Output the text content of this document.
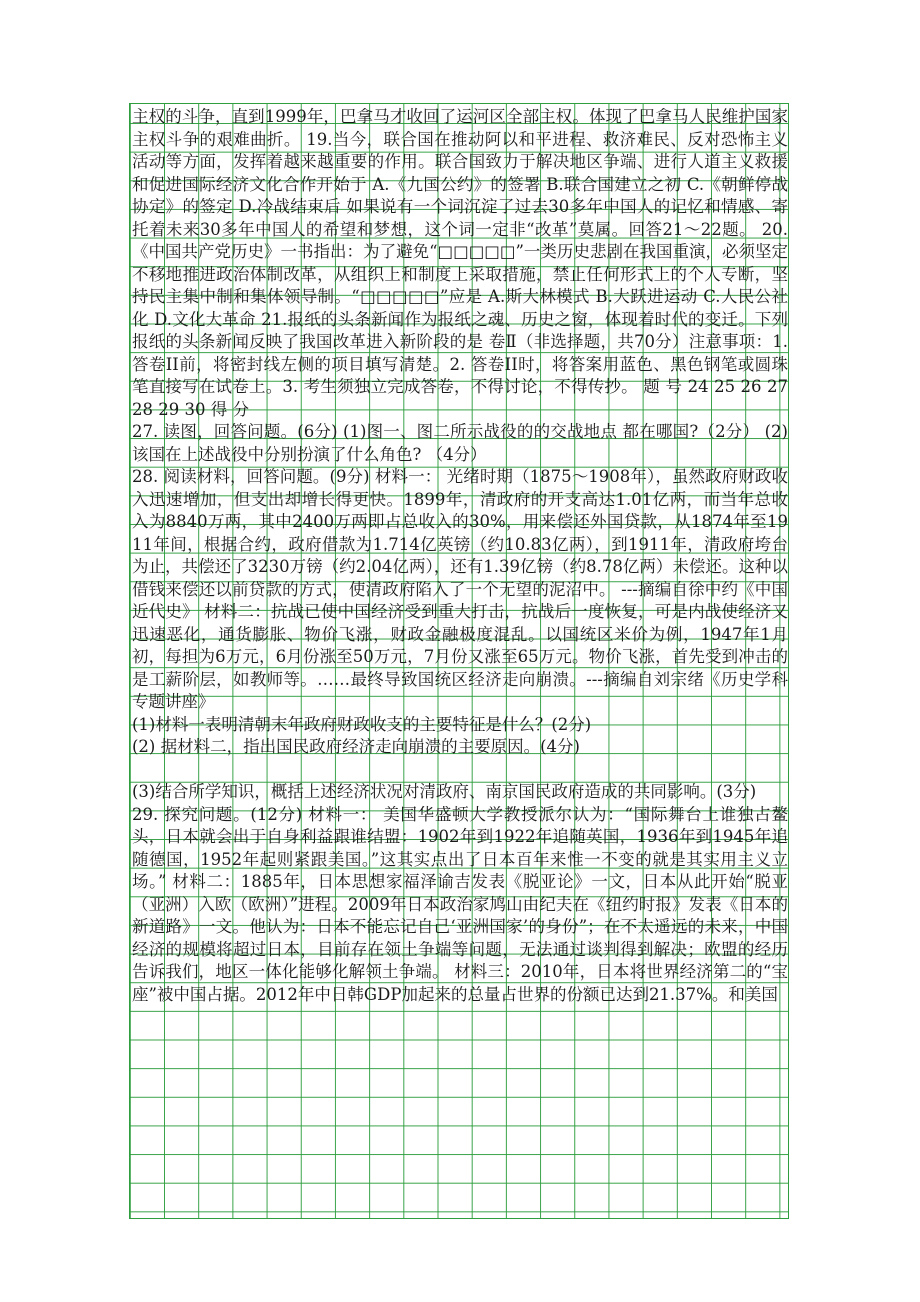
主权的斗争，直到1999年，巴拿马才收回了运河区全部主权。体现了巴拿马人民维护国家主权斗争的艰难曲折。 19.当今，联合国在推动阿以和平进程、救济难民、反对恐怖主义活动等方面，发挥着越来越重要的作用。联合国致力于解决地区争端、进行人道主义救援和促进国际经济文化合作开始于 A.《九国公约》的签署 B.联合国建立之初 C.《朝鲜停战协定》的签定 D.冷战结束后 如果说有一个词沉淀了过去30多年中国人的记忆和情感、寄托着未来30多年中国人的希望和梦想，这个词一定非“改革”莫属。回答21～22题。 20.《中国共产党历史》一书指出：为了避免“□□□□□”一类历史悲剧在我国重演，必须坚定不移地推进政治体制改革，从组织上和制度上采取措施，禁止任何形式上的个人专断，坚持民主集中制和集体领导制。“□□□□□”应是 A.斯大林模式 B.大跃进运动 C.人民公社化 D.文化大革命 21.报纸的头条新闻作为报纸之魂、历史之窗，体现着时代的变迁。下列报纸的头条新闻反映了我国改革进入新阶段的是 卷Ⅱ（非选择题，共70分）注意事项：1. 答卷II前，将密封线左侧的项目填写清楚。2. 答卷II时，将答案用蓝色、黑色钢笔或圆珠笔直接写在试卷上。3. 考生须独立完成答卷，不得讨论，不得传抄。 题 号 24 25 26 27 28 29 30 得 分

27. 读图，回答问题。(6分) (1)图一、图二所示战役的的交战地点 都在哪国?（2分） (2)该国在上述战役中分别扮演了什么角色? （4分）

28. 阅读材料，回答问题。(9分) 材料一： 光绪时期（1875～1908年），虽然政府财政收入迅速增加，但支出却增长得更快。1899年，清政府的开支高达1.01亿两，而当年总收入为8840万两，其中2400万两即占总收入的30%，用来偿还外国贷款，从1874年至1911年间，根据合约，政府借款为1.714亿英镑（约10.83亿两），到1911年，清政府垮台为止，共偿还了3230万镑（约2.04亿两），还有1.39亿镑（约8.78亿两）未偿还。这种以借钱来偿还以前贷款的方式，使清政府陷入了一个无望的泥沼中。 ---摘编自徐中约《中国近代史》 材料二：抗战已使中国经济受到重大打击，抗战后一度恢复，可是内战使经济又迅速恶化，通货膨胀、物价飞涨，财政金融极度混乱。以国统区米价为例，1947年1月初，每担为6万元，6月份涨至50万元，7月份又涨至65万元。物价飞涨，首先受到冲击的是工薪阶层，如教师等。……最终导致国统区经济走向崩溃。---摘编自刘宗绪《历史学科专题讲座》

(1)材料一表明清朝末年政府财政收支的主要特征是什么？(2分)

(2) 据材料二，指出国民政府经济走向崩溃的主要原因。(4分)

(3)结合所学知识，概括上述经济状况对清政府、南京国民政府造成的共同影响。(3分)

29. 探究问题。(12分) 材料一： 美国华盛顿大学教授派尔认为：“国际舞台上谁独占鳌头，日本就会出于自身利益跟谁结盟：1902年到1922年追随英国，1936年到1945年追随德国，1952年起则紧跟美国。”这其实点出了日本百年来惟一不变的就是其实用主义立场。” 材料二：1885年，日本思想家福泽谕吉发表《脱亚论》一文，日本从此开始“脱亚（亚洲）入欧（欧洲）”进程。2009年日本政治家鸠山由纪夫在《纽约时报》发表《日本的新道路》一文。他认为：日本不能忘记自己‘亚洲国家’的身份”；在不太遥远的未来，中国经济的规模将超过日本，目前存在领土争端等问题，无法通过谈判得到解决；欧盟的经历告诉我们，地区一体化能够化解领土争端。 材料三：2010年，日本将世界经济第二的“宝座”被中国占据。2012年中日韩GDP加起来的总量占世界的份额已达到21.37%。和美国
